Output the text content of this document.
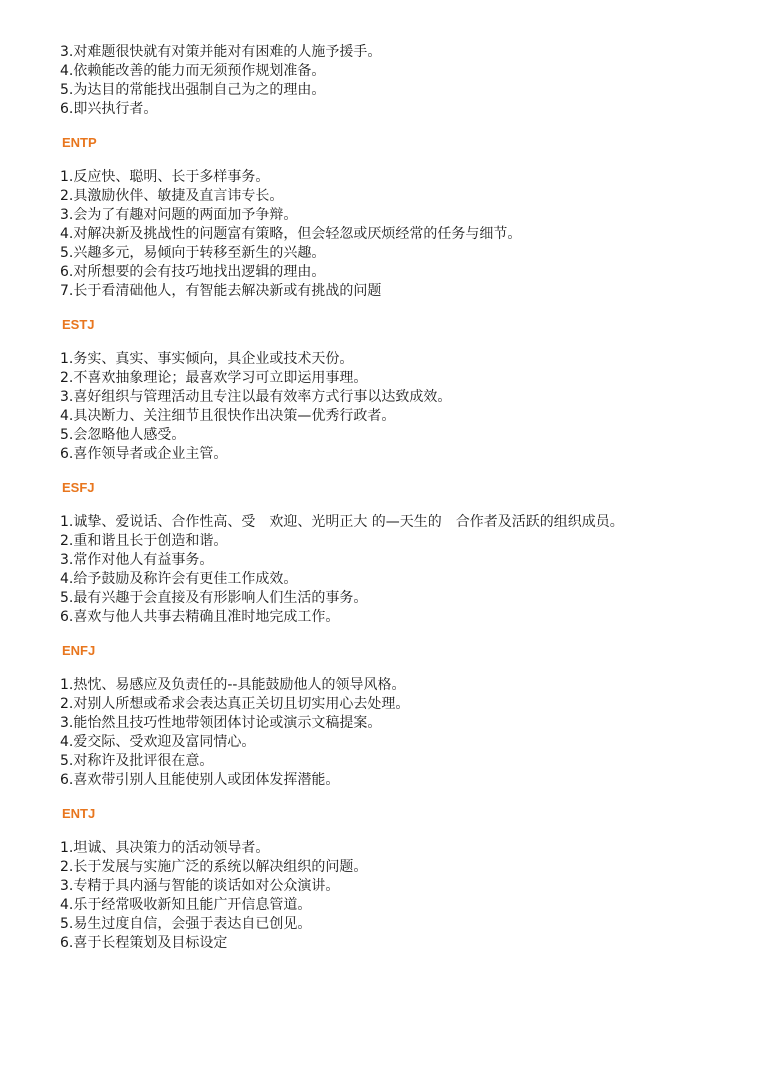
3.对难题很快就有对策并能对有困难的人施予援手。
4.依赖能改善的能力而无须预作规划准备。
5.为达目的常能找出强制自己为之的理由。
6.即兴执行者。
ENTP
1.反应快、聪明、长于多样事务。
2.具激励伙伴、敏捷及直言讳专长。
3.会为了有趣对问题的两面加予争辩。
4.对解决新及挑战性的问题富有策略，但会轻忽或厌烦经常的任务与细节。
5.兴趣多元，易倾向于转移至新生的兴趣。
6.对所想要的会有技巧地找出逻辑的理由。
7.长于看清础他人，有智能去解决新或有挑战的问题
ESTJ
1.务实、真实、事实倾向，具企业或技术天份。
2.不喜欢抽象理论；最喜欢学习可立即运用事理。
3.喜好组织与管理活动且专注以最有效率方式行事以达致成效。
4.具决断力、关注细节且很快作出决策—优秀行政者。
5.会忽略他人感受。
6.喜作领导者或企业主管。
ESFJ
1.诚挚、爱说话、合作性高、受　欢迎、光明正大 的—天生的　合作者及活跃的组织成员。
2.重和谐且长于创造和谐。
3.常作对他人有益事务。
4.给予鼓励及称许会有更佳工作成效。
5.最有兴趣于会直接及有形影响人们生活的事务。
6.喜欢与他人共事去精确且准时地完成工作。
ENFJ
1.热忱、易感应及负责任的--具能鼓励他人的领导风格。
2.对别人所想或希求会表达真正关切且切实用心去处理。
3.能怡然且技巧性地带领团体讨论或演示文稿提案。
4.爱交际、受欢迎及富同情心。
5.对称许及批评很在意。
6.喜欢带引别人且能使别人或团体发挥潜能。
ENTJ
1.坦诚、具决策力的活动领导者。
2.长于发展与实施广泛的系统以解决组织的问题。
3.专精于具内涵与智能的谈话如对公众演讲。
4.乐于经常吸收新知且能广开信息管道。
5.易生过度自信，会强于表达自已创见。
6.喜于长程策划及目标设定
